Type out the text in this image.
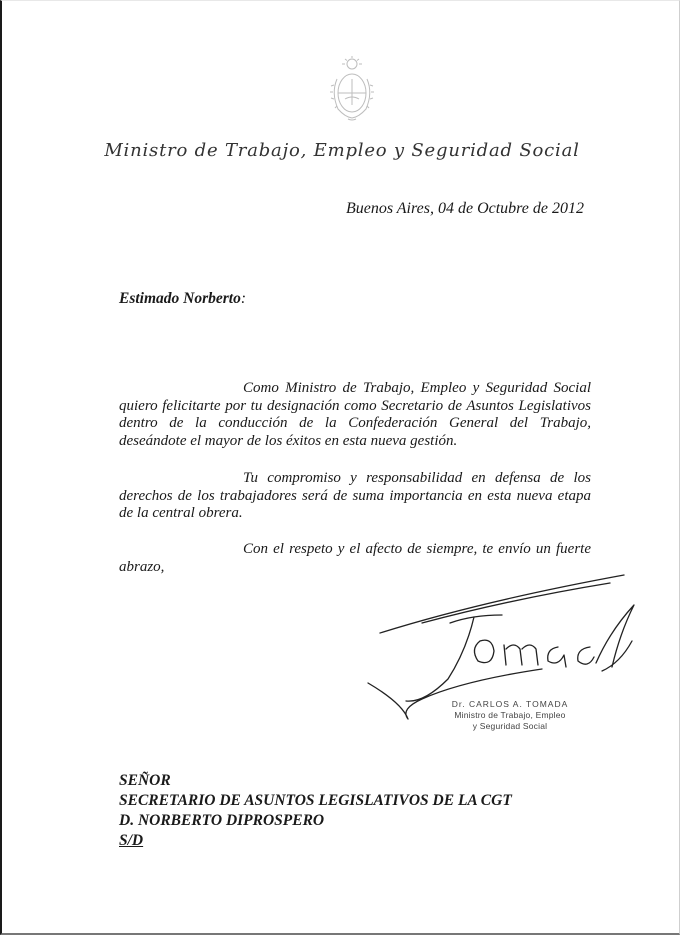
Ministro de Trabajo, Empleo y Seguridad Social
Buenos Aires, 04 de Octubre de 2012
Estimado Norberto:

Como Ministro de Trabajo, Empleo y Seguridad Social quiero felicitarte por tu designación como Secretario de Asuntos Legislativos dentro de la conducción de la Confederación General del Trabajo, deseándote el mayor de los éxitos en esta nueva gestión.

Tu compromiso y responsabilidad en defensa de los derechos de los trabajadores será de suma importancia en esta nueva etapa de la central obrera.

Con el respeto y el afecto de siempre, te envío un fuerte abrazo,

Dr. CARLOS A. TOMADA
Ministro de Trabajo, Empleo
y Seguridad Social
SEÑOR
SECRETARIO DE ASUNTOS LEGISLATIVOS DE LA CGT
D. NORBERTO DIPROSPERO
S/D
